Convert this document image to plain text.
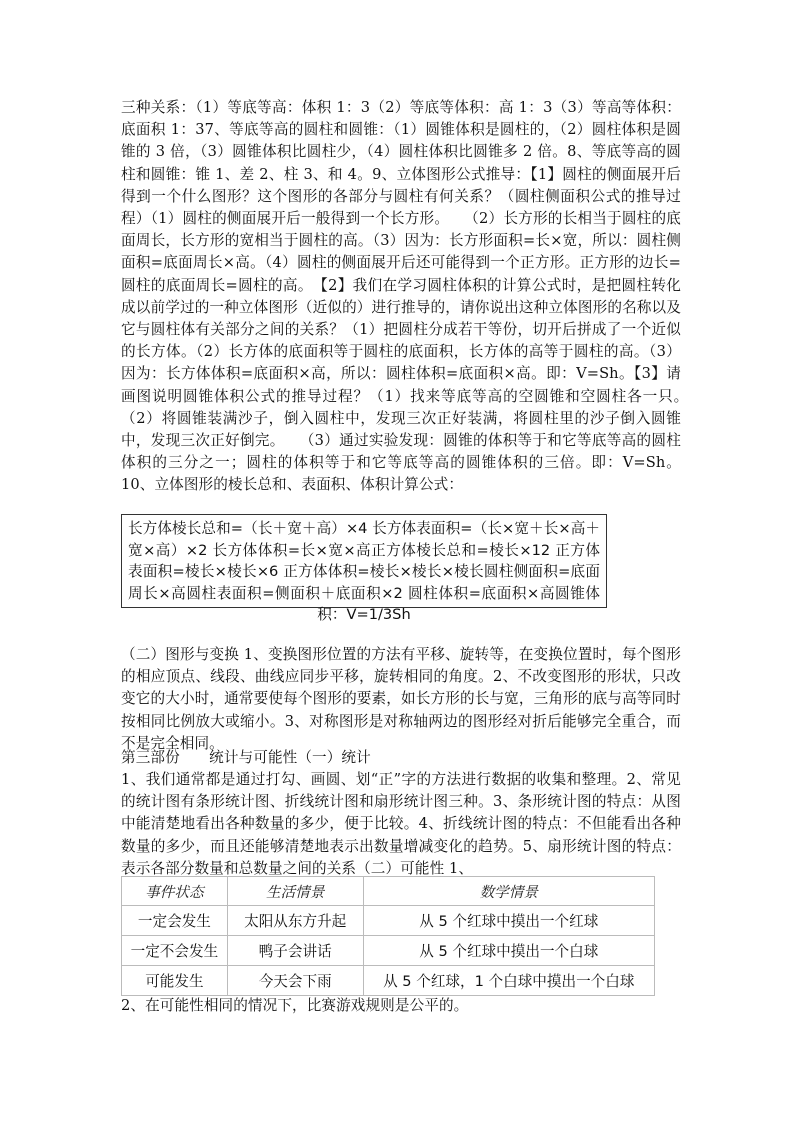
三种关系：（1）等底等高：体积 1：3（2）等底等体积：高 1：3（3）等高等体积：底面积 1：37、等底等高的圆柱和圆锥：（1）圆锥体积是圆柱的，（2）圆柱体积是圆锥的 3 倍，（3）圆锥体积比圆柱少，（4）圆柱体积比圆锥多 2 倍。8、等底等高的圆柱和圆锥：锥 1、差 2、柱 3、和 4。9、立体图形公式推导：【1】圆柱的侧面展开后得到一个什么图形？这个图形的各部分与圆柱有何关系？（圆柱侧面积公式的推导过程）（1）圆柱的侧面展开后一般得到一个长方形。　　（2）长方形的长相当于圆柱的底面周长，长方形的宽相当于圆柱的高。（3）因为：长方形面积=长×宽，所以：圆柱侧面积=底面周长×高。（4）圆柱的侧面展开后还可能得到一个正方形。正方形的边长=圆柱的底面周长=圆柱的高。　【2】我们在学习圆柱体积的计算公式时，是把圆柱转化成以前学过的一种立体图形（近似的）进行推导的，请你说出这种立体图形的名称以及它与圆柱体有关部分之间的关系？（1）把圆柱分成若干等份，切开后拼成了一个近似的长方体。（2）长方体的底面积等于圆柱的底面积，长方体的高等于圆柱的高。（3）因为：长方体体积=底面积×高，所以：圆柱体积=底面积×高。即：V=Sh。【3】请画图说明圆锥体积公式的推导过程？（1）找来等底等高的空圆锥和空圆柱各一只。　　（2）将圆锥装满沙子，倒入圆柱中，发现三次正好装满，将圆柱里的沙子倒入圆锥中，发现三次正好倒完。　　（3）通过实验发现：圆锥的体积等于和它等底等高的圆柱体积的三分之一；圆柱的体积等于和它等底等高的圆锥体积的三倍。即：V=Sh。10、立体图形的棱长总和、表面积、体积计算公式：

长方体棱长总和=（长＋宽＋高）×4 长方体表面积=（长×宽＋长×高＋宽×高）×2 长方体体积=长×宽×高正方体棱长总和=棱长×12 正方体表面积=棱长×棱长×6 正方体体积=棱长×棱长×棱长圆柱侧面积=底面周长×高圆柱表面积=侧面积＋底面积×2 圆柱体积=底面积×高圆锥体积：V=1/3Sh

（二）图形与变换 1、变换图形位置的方法有平移、旋转等，在变换位置时，每个图形的相应顶点、线段、曲线应同步平移，旋转相同的角度。2、不改变图形的形状，只改变它的大小时，通常要使每个图形的要素，如长方形的长与宽，三角形的底与高等同时按相同比例放大或缩小。3、对称图形是对称轴两边的图形经对折后能够完全重合，而不是完全相同。

第三部份　　统计与可能性（一）统计

1、我们通常都是通过打勾、画圆、划“正”字的方法进行数据的收集和整理。2、常见的统计图有条形统计图、折线统计图和扇形统计图三种。3、条形统计图的特点：从图中能清楚地看出各种数量的多少，便于比较。4、折线统计图的特点：不但能看出各种数量的多少，而且还能够清楚地表示出数量增减变化的趋势。5、扇形统计图的特点：表示各部分数量和总数量之间的关系（二）可能性 1、

事件状态	生活情景	数学情景
一定会发生	太阳从东方升起	从 5 个红球中摸出一个红球
一定不会发生	鸭子会讲话	从 5 个红球中摸出一个白球
可能发生	今天会下雨	从 5 个红球，1 个白球中摸出一个白球

2、在可能性相同的情况下，比赛游戏规则是公平的。
